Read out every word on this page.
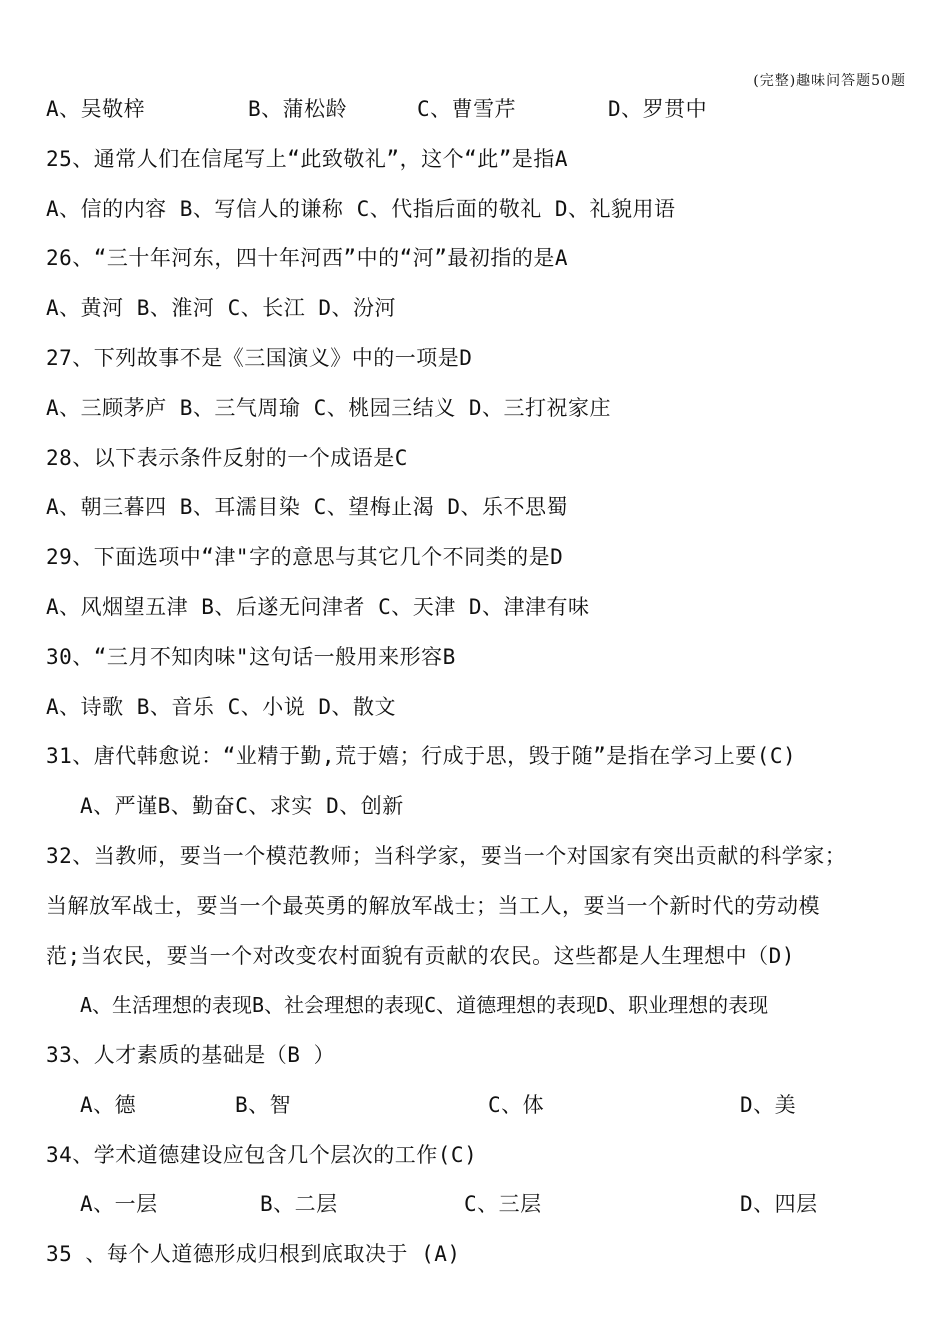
(完整)趣味问答题50题
A、吴敬梓	B、蒲松龄	C、曹雪芹	D、罗贯中
25、通常人们在信尾写上“此致敬礼”，这个“此”是指A
A、信的内容 B、写信人的谦称 C、代指后面的敬礼 D、礼貌用语
26、“三十年河东，四十年河西”中的“河”最初指的是A
A、黄河 B、淮河 C、长江 D、汾河
27、下列故事不是《三国演义》中的一项是D
A、三顾茅庐 B、三气周瑜 C、桃园三结义 D、三打祝家庄
28、以下表示条件反射的一个成语是C
A、朝三暮四 B、耳濡目染 C、望梅止渴 D、乐不思蜀
29、下面选项中“津"字的意思与其它几个不同类的是D
A、风烟望五津 B、后遂无问津者 C、天津 D、津津有味
30、“三月不知肉味"这句话一般用来形容B
A、诗歌 B、音乐 C、小说 D、散文
31、唐代韩愈说：“业精于勤,荒于嬉；行成于思，毁于随”是指在学习上要(C)
A、严谨B、勤奋C、求实 D、创新
32、当教师，要当一个模范教师；当科学家，要当一个对国家有突出贡献的科学家；
当解放军战士，要当一个最英勇的解放军战士；当工人，要当一个新时代的劳动模
范;当农民，要当一个对改变农村面貌有贡献的农民。这些都是人生理想中（D)
A、生活理想的表现B、社会理想的表现C、道德理想的表现D、职业理想的表现
33、人才素质的基础是（B ）
A、德	B、智	C、体	D、美
34、学术道德建设应包含几个层次的工作(C)
A、一层	B、二层	C、三层	D、四层
35 、每个人道德形成归根到底取决于 (A)
